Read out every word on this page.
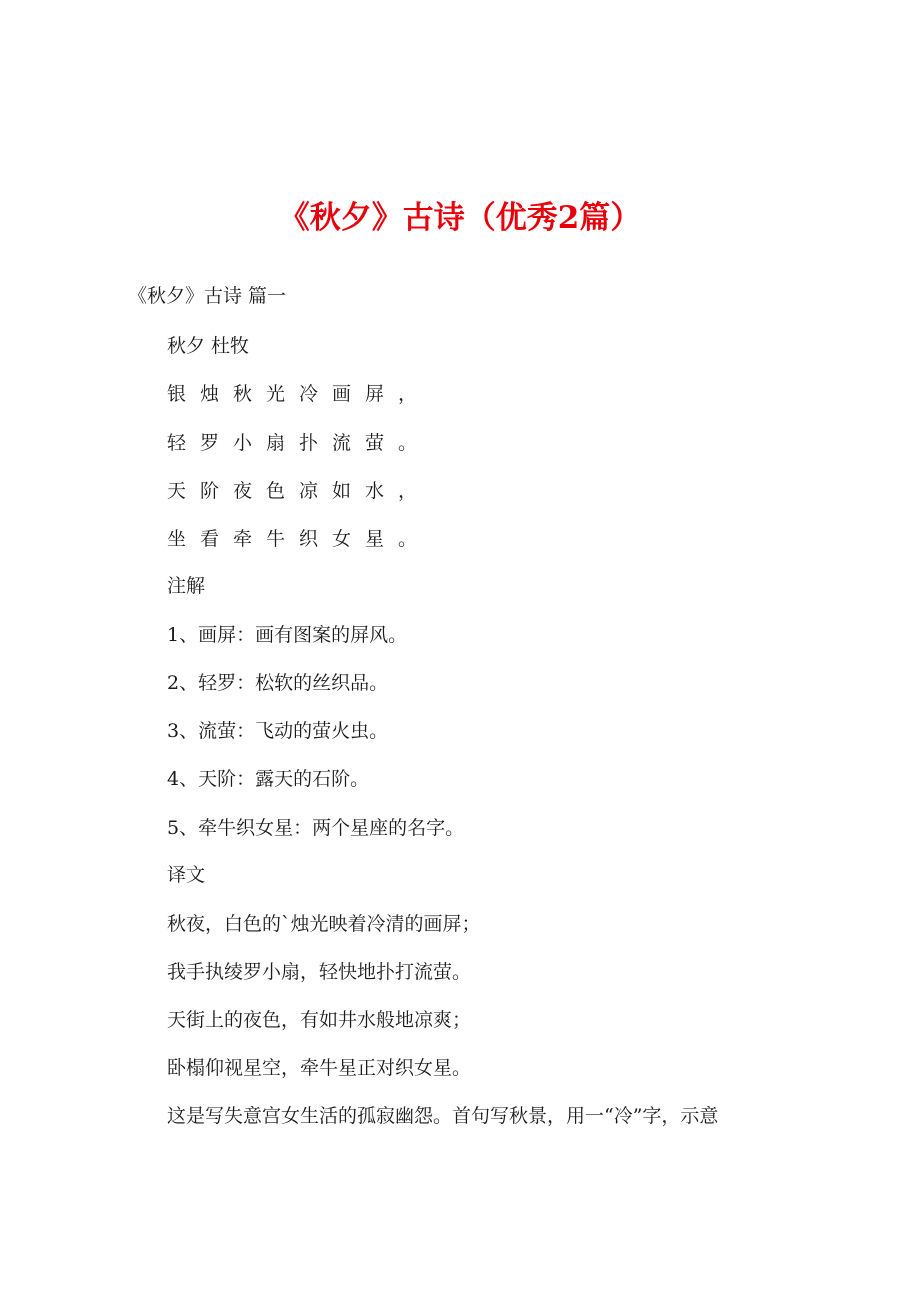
《秋夕》古诗（优秀2篇）
《秋夕》古诗 篇一
秋夕 杜牧
银烛秋光冷画屏，
轻罗小扇扑流萤。
天阶夜色凉如水，
坐看牵牛织女星。
注解
1、画屏：画有图案的屏风。
2、轻罗：松软的丝织品。
3、流萤：飞动的萤火虫。
4、天阶：露天的石阶。
5、牵牛织女星：两个星座的名字。
译文
秋夜，白色的`烛光映着冷清的画屏；
我手执绫罗小扇，轻快地扑打流萤。
天街上的夜色，有如井水般地凉爽；
卧榻仰视星空，牵牛星正对织女星。
这是写失意宫女生活的孤寂幽怨。首句写秋景，用一“冷”字，示意
